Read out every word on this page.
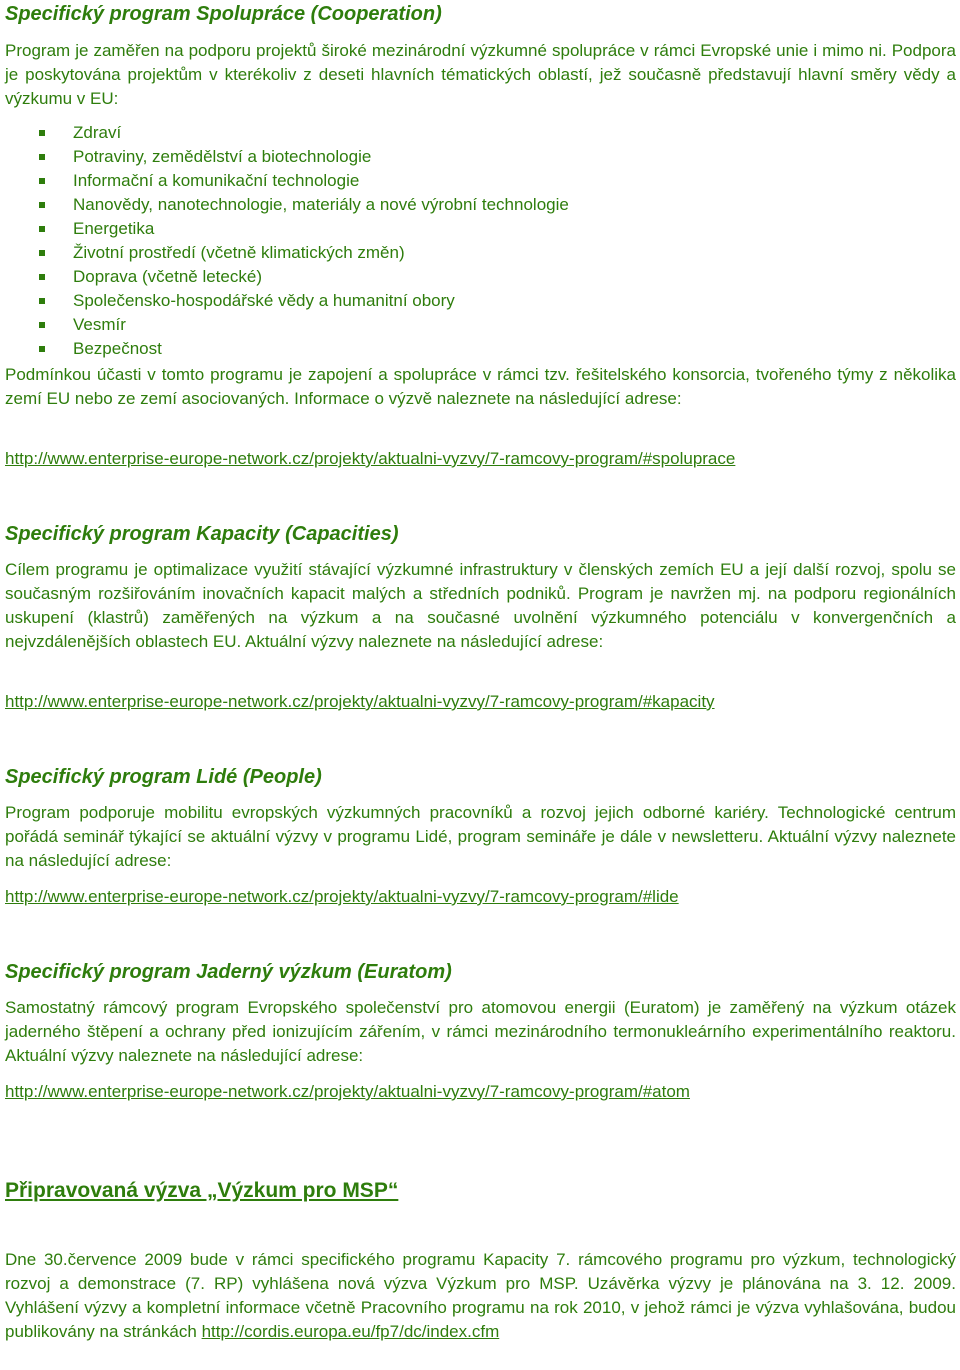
Specifický program Spolupráce (Cooperation)

Program je zaměřen na podporu projektů široké mezinárodní výzkumné spolupráce v rámci Evropské unie i mimo ni. Podpora je poskytována projektům v kterékoliv z deseti hlavních tématických oblastí, jež současně představují hlavní směry vědy a výzkumu v EU:

Zdraví
Potraviny, zemědělství a biotechnologie
Informační a komunikační technologie
Nanovědy, nanotechnologie, materiály a nové výrobní technologie
Energetika
Životní prostředí (včetně klimatických změn)
Doprava (včetně letecké)
Společensko-hospodářské vědy a humanitní obory
Vesmír
Bezpečnost

Podmínkou účasti v tomto programu je zapojení a spolupráce v rámci tzv. řešitelského konsorcia, tvořeného týmy z několika zemí EU nebo ze zemí asociovaných. Informace o výzvě naleznete na následující adrese:

http://www.enterprise-europe-network.cz/projekty/aktualni-vyzvy/7-ramcovy-program/#spoluprace
Specifický program Kapacity (Capacities)

Cílem programu je optimalizace využití stávající výzkumné infrastruktury v členských zemích EU a její další rozvoj, spolu se současným rozšiřováním inovačních kapacit malých a středních podniků. Program je navržen mj. na podporu regionálních uskupení (klastrů) zaměřených na výzkum a na současné uvolnění výzkumného potenciálu v konvergenčních a nejvzdálenějších oblastech EU. Aktuální výzvy naleznete na následující adrese:

http://www.enterprise-europe-network.cz/projekty/aktualni-vyzvy/7-ramcovy-program/#kapacity
Specifický program Lidé (People)

Program podporuje mobilitu evropských výzkumných pracovníků a rozvoj jejich odborné kariéry. Technologické centrum pořádá seminář týkající se aktuální výzvy v programu Lidé, program semináře je dále v newsletteru. Aktuální výzvy naleznete na následující adrese:

http://www.enterprise-europe-network.cz/projekty/aktualni-vyzvy/7-ramcovy-program/#lide
Specifický program Jaderný výzkum (Euratom)

Samostatný rámcový program Evropského společenství pro atomovou energii (Euratom) je zaměřený na výzkum otázek jaderného štěpení a ochrany před ionizujícím zářením, v rámci mezinárodního termonukleárního experimentálního reaktoru. Aktuální výzvy naleznete na následující adrese:

http://www.enterprise-europe-network.cz/projekty/aktualni-vyzvy/7-ramcovy-program/#atom
Připravovaná výzva „Výzkum pro MSP“

Dne 30.července 2009 bude v rámci specifického programu Kapacity 7. rámcového programu pro výzkum, technologický rozvoj a demonstrace (7. RP) vyhlášena nová výzva Výzkum pro MSP. Uzávěrka výzvy je plánována na 3. 12. 2009. Vyhlášení výzvy a kompletní informace včetně Pracovního programu na rok 2010, v jehož rámci je výzva vyhlašována, budou publikovány na stránkách http://cordis.europa.eu/fp7/dc/index.cfm
